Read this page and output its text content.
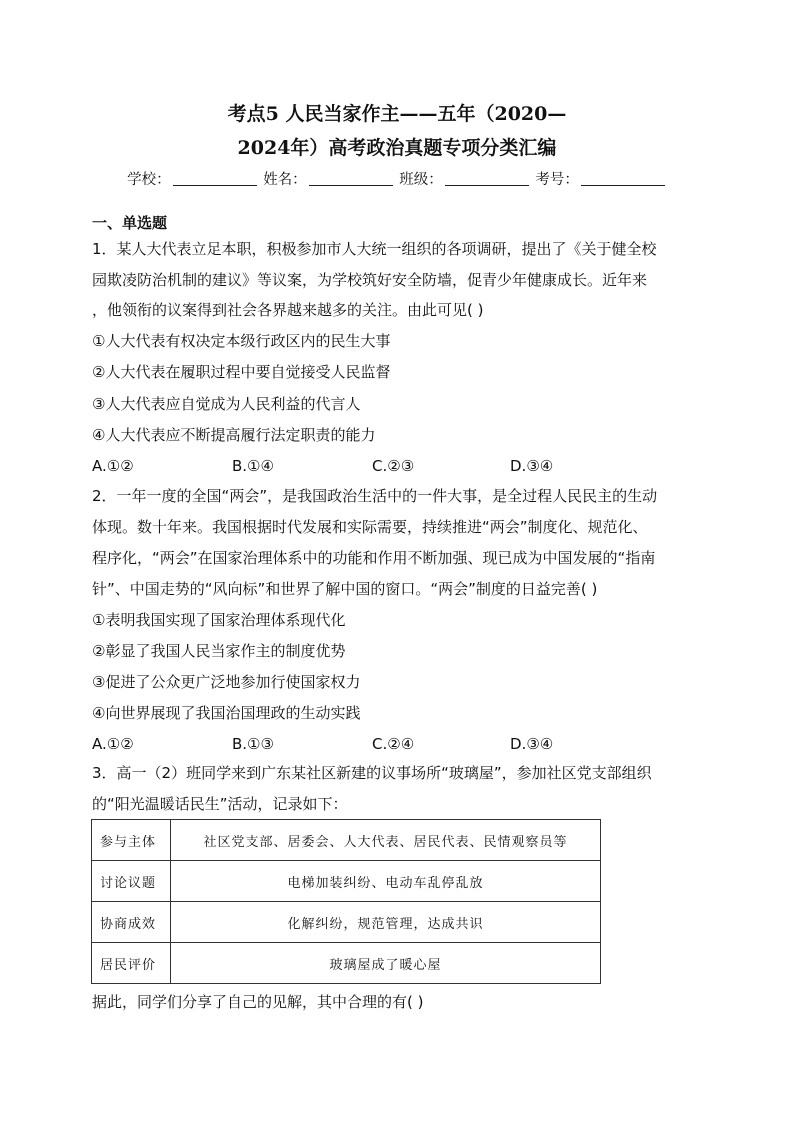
考点5 人民当家作主——五年（2020—
2024年）高考政治真题专项分类汇编
学校：	姓名：	班级：	考号：
一、单选题
1．某人大代表立足本职，积极参加市人大统一组织的各项调研，提出了《关于健全校
园欺凌防治机制的建议》等议案，为学校筑好安全防墙，促青少年健康成长。近年来
，他领衔的议案得到社会各界越来越多的关注。由此可见( )
①人大代表有权决定本级行政区内的民生大事
②人大代表在履职过程中要自觉接受人民监督
③人大代表应自觉成为人民利益的代言人
④人大代表应不断提高履行法定职责的能力
A.①②	B.①④	C.②③	D.③④
2．一年一度的全国“两会”，是我国政治生活中的一件大事，是全过程人民民主的生动
体现。数十年来。我国根据时代发展和实际需要，持续推进“两会”制度化、规范化、
程序化，“两会”在国家治理体系中的功能和作用不断加强、现已成为中国发展的“指南
针”、中国走势的“风向标”和世界了解中国的窗口。“两会”制度的日益完善( )
①表明我国实现了国家治理体系现代化
②彰显了我国人民当家作主的制度优势
③促进了公众更广泛地参加行使国家权力
④向世界展现了我国治国理政的生动实践
A.①②	B.①③	C.②④	D.③④
3．高一（2）班同学来到广东某社区新建的议事场所“玻璃屋”，参加社区党支部组织
的“阳光温暖话民生”活动，记录如下：
参与主体	社区党支部、居委会、人大代表、居民代表、民情观察员等
讨论议题	电梯加装纠纷、电动车乱停乱放
协商成效	化解纠纷，规范管理，达成共识
居民评价	玻璃屋成了暖心屋
据此，同学们分享了自己的见解，其中合理的有( )
